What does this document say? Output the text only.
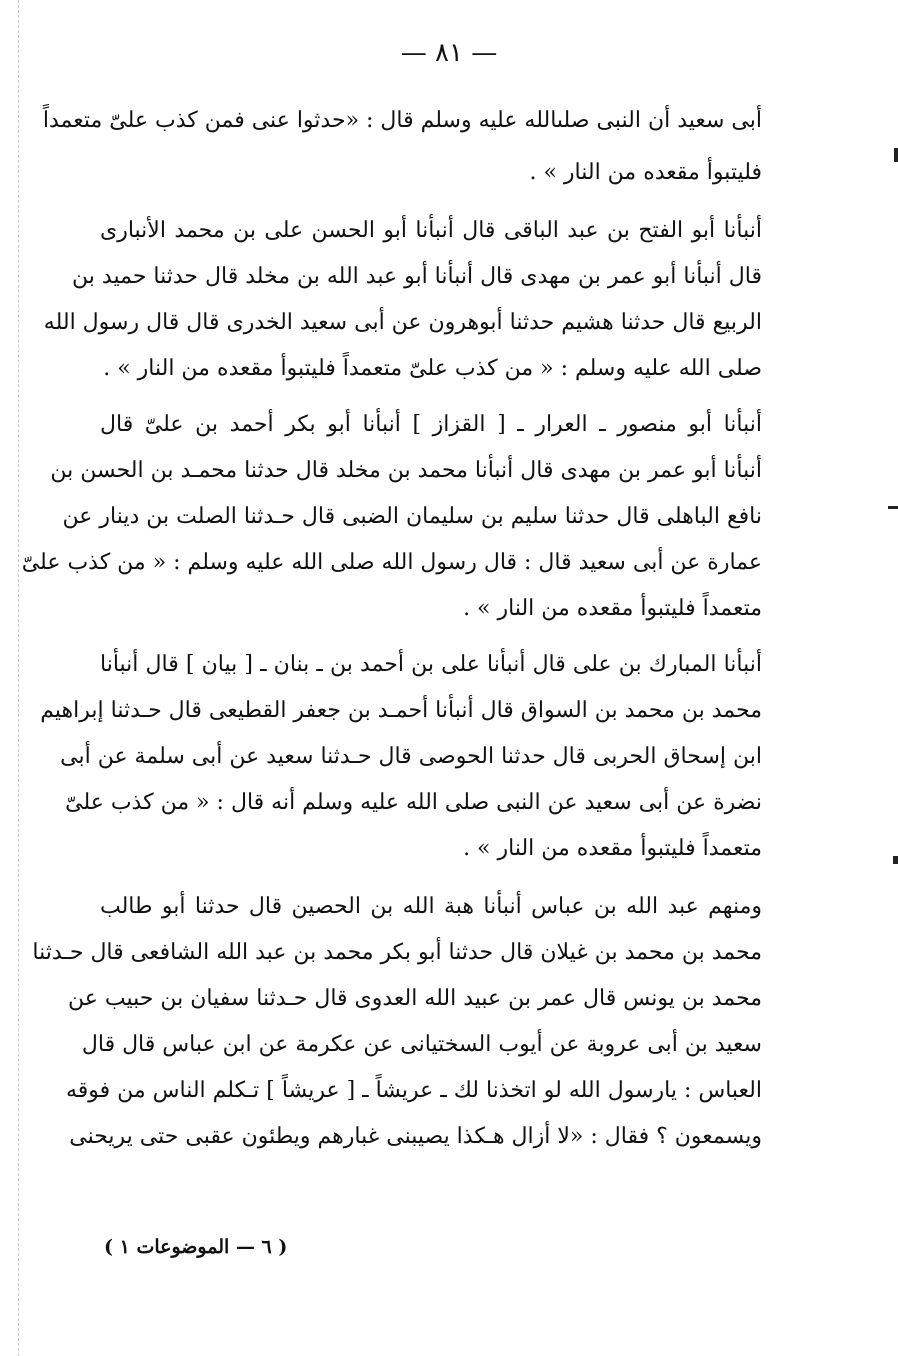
— ٨١ —
أبى سعيد أن النبى صلىالله عليه وسلم قال : «حدثوا عنى فمن كذب علىّ متعمداً
فليتبوأ مقعده من النار » .
أنبأنا أبو الفتح بن عبد الباقى قال أنبأنا أبو الحسن على بن محمد الأنبارى
قال أنبأنا أبو عمر بن مهدى قال أنبأنا أبو عبد الله بن مخلد قال حدثنا حميد بن
الربيع قال حدثنا هشيم حدثنا أبوهرون عن أبى سعيد الخدرى قال قال رسول الله
صلى الله عليه وسلم : « من كذب علىّ متعمداً فليتبوأ مقعده من النار » .
أنبأنا أبو منصور ـ العرار ـ [ القزاز ] أنبأنا أبو بكر أحمد بن علىّ قال
أنبأنا أبو عمر بن مهدى قال أنبأنا محمد بن مخلد قال حدثنا محمـد بن الحسن بن
نافع الباهلى قال حدثنا سليم بن سليمان الضبى قال حـدثنا الصلت بن دينار عن
عمارة عن أبى سعيد قال : قال رسول الله صلى الله عليه وسلم : « من كذب علىّ
متعمداً فليتبوأ مقعده من النار » .
أنبأنا المبارك بن على قال أنبأنا على بن أحمد بن ـ بنان ـ [ بيان ] قال أنبأنا
محمد بن محمد بن السواق قال أنبأنا أحمـد بن جعفر القطيعى قال حـدثنا إبراهيم
ابن إسحاق الحربى قال حدثنا الحوصى قال حـدثنا سعيد عن أبى سلمة عن أبى
نضرة عن أبى سعيد عن النبى صلى الله عليه وسلم أنه قال : « من كذب علىّ
متعمداً فليتبوأ مقعده من النار » .
ومنهم عبد الله بن عباس أنبأنا هبة الله بن الحصين قال حدثنا أبو طالب
محمد بن محمد بن غيلان قال حدثنا أبو بكر محمد بن عبد الله الشافعى قال حـدثنا
محمد بن يونس قال عمر بن عبيد الله العدوى قال حـدثنا سفيان بن حبيب عن
سعيد بن أبى عروبة عن أيوب السختيانى عن عكرمة عن ابن عباس قال قال
العباس : يارسول الله لو اتخذنا لك ـ عريشاً ـ [ عريشاً ] تـكلم الناس من فوقه
ويسمعون ؟ فقال : «لا أزال هـكذا يصيبنى غبارهم ويطئون عقبى حتى يريحنى
( ٦ — الموضوعات ١ )
